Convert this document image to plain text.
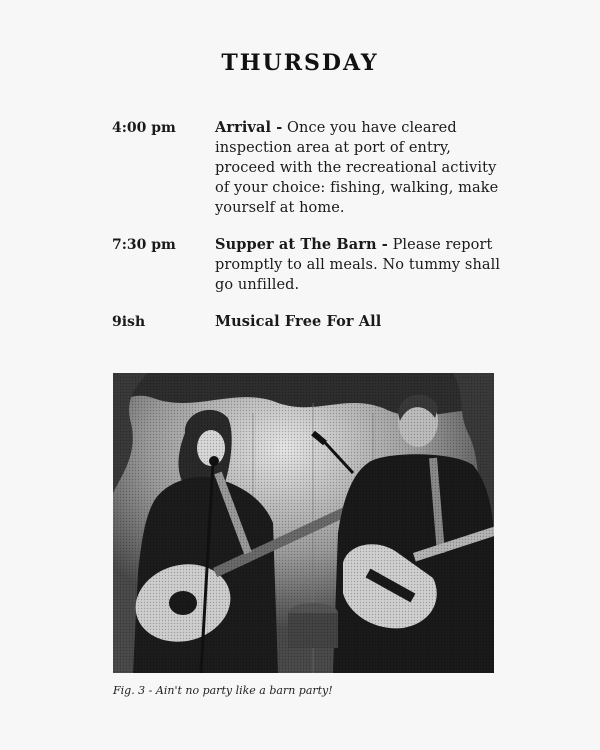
THURSDAY
4:00 pm	Arrival - Once you have cleared inspection area at port of entry, proceed with the recreational activity of your choice: fishing, walking, make yourself at home.
7:30 pm	Supper at The Barn - Please report promptly to all meals. No tummy shall go unfilled.
9ish	Musical Free For All
Fig. 3 - Ain't no party like a barn party!
